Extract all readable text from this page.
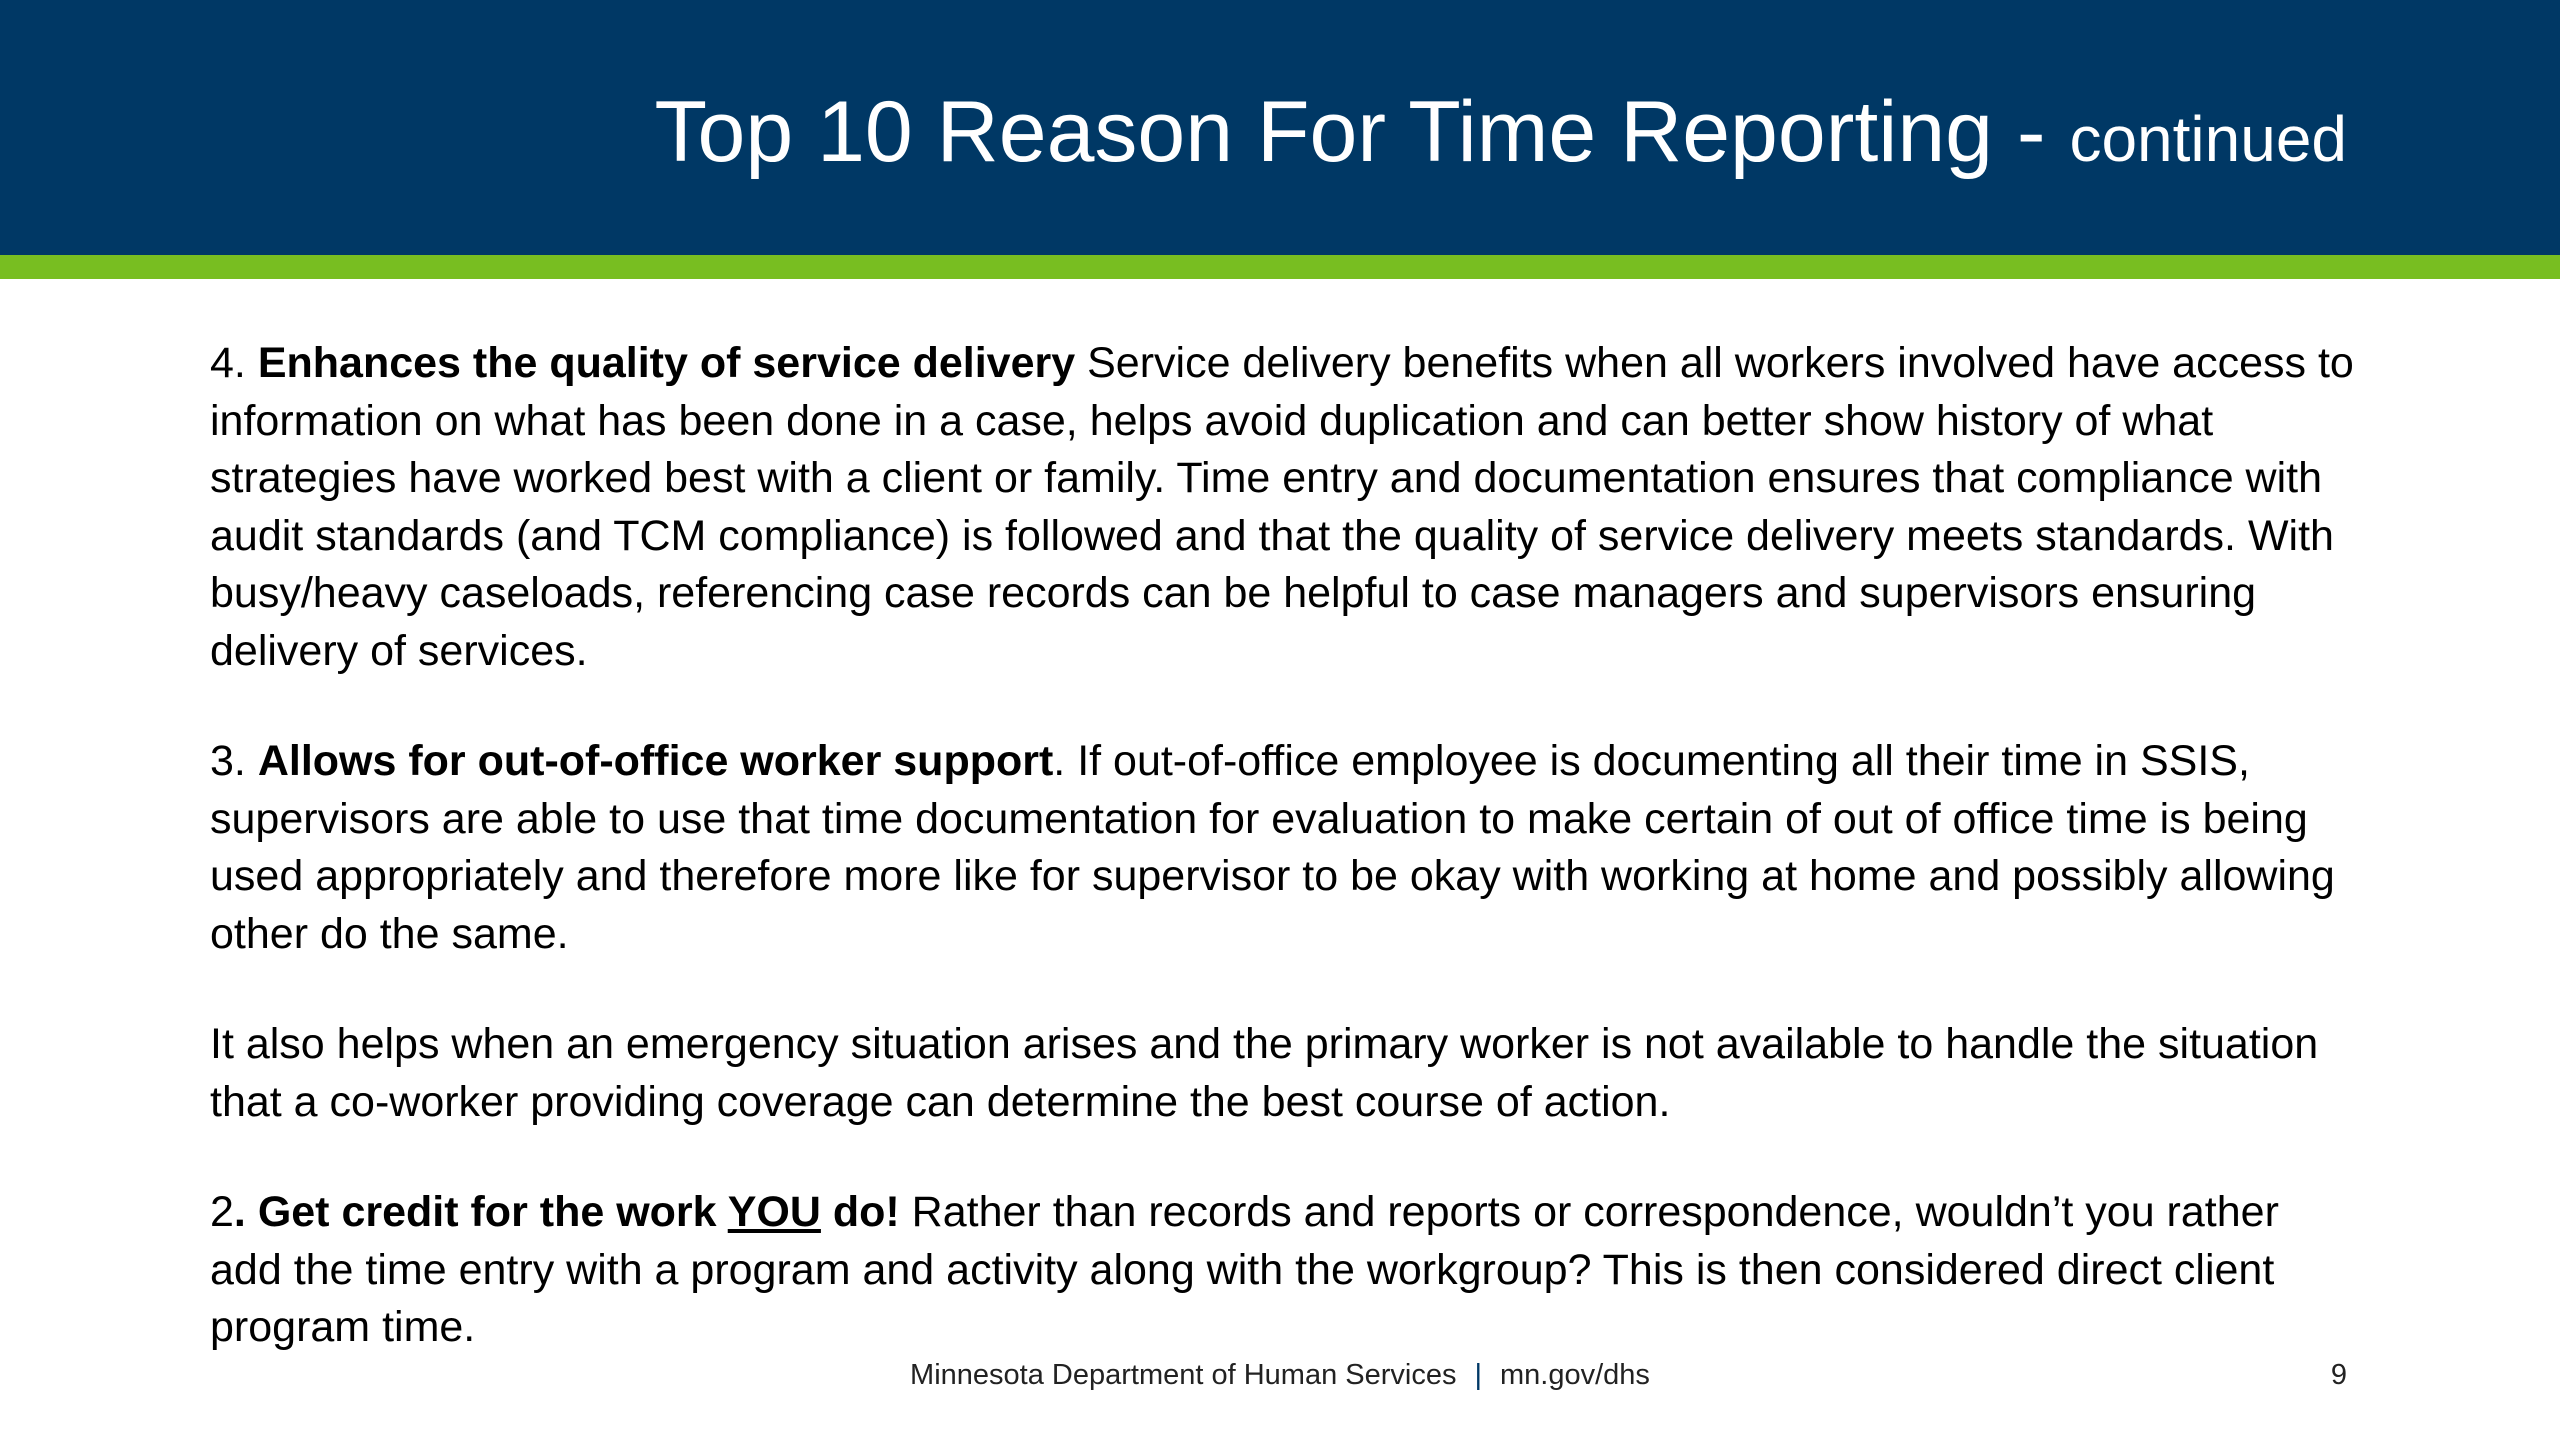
Top 10 Reason For Time Reporting - continued

4. Enhances the quality of service delivery Service delivery benefits when all workers involved have access to information on what has been done in a case, helps avoid duplication and can better show history of what strategies have worked best with a client or family. Time entry and documentation ensures that compliance with audit standards (and TCM compliance) is followed and that the quality of service delivery meets standards. With busy/heavy caseloads, referencing case records can be helpful to case managers and supervisors ensuring delivery of services.

3. Allows for out-of-office worker support. If out-of-office employee is documenting all their time in SSIS, supervisors are able to use that time documentation for evaluation to make certain of out of office time is being used appropriately and therefore more like for supervisor to be okay with working at home and possibly allowing other do the same.

It also helps when an emergency situation arises and the primary worker is not available to handle the situation that a co-worker providing coverage can determine the best course of action.

2. Get credit for the work YOU do! Rather than records and reports or correspondence, wouldn’t you rather add the time entry with a program and activity along with the workgroup? This is then considered direct client program time.

Minnesota Department of Human Services | mn.gov/dhs	9
